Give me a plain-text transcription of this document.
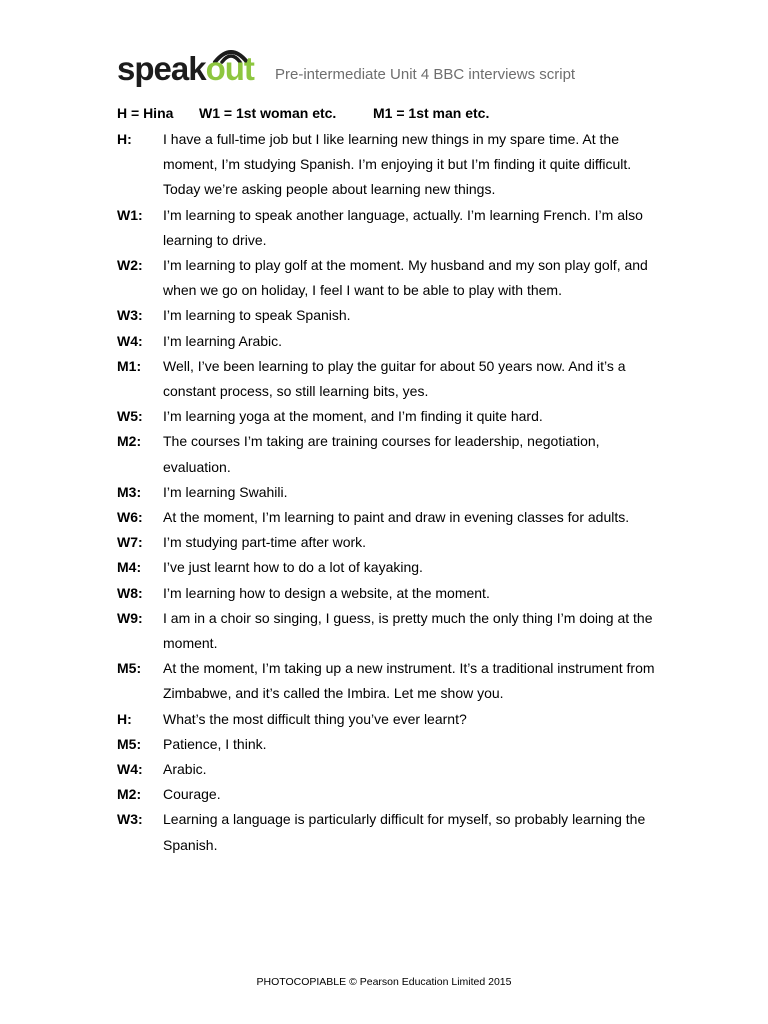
speakout Pre-intermediate Unit 4 BBC interviews script
H = Hina W1 = 1st woman etc.	M1 = 1st man etc.
H:	I have a full-time job but I like learning new things in my spare time. At the moment, I’m studying Spanish. I’m enjoying it but I’m finding it quite difficult. Today we’re asking people about learning new things.
W1:	I’m learning to speak another language, actually. I’m learning French. I’m also learning to drive.
W2:	I’m learning to play golf at the moment. My husband and my son play golf, and when we go on holiday, I feel I want to be able to play with them.
W3:	I’m learning to speak Spanish.
W4:	I’m learning Arabic.
M1:	Well, I’ve been learning to play the guitar for about 50 years now. And it’s a constant process, so still learning bits, yes.
W5:	I’m learning yoga at the moment, and I’m finding it quite hard.
M2:	The courses I’m taking are training courses for leadership, negotiation, evaluation.
M3:	I’m learning Swahili.
W6:	At the moment, I’m learning to paint and draw in evening classes for adults.
W7:	I’m studying part-time after work.
M4:	I’ve just learnt how to do a lot of kayaking.
W8:	I’m learning how to design a website, at the moment.
W9:	I am in a choir so singing, I guess, is pretty much the only thing I’m doing at the moment.
M5:	At the moment, I’m taking up a new instrument. It’s a traditional instrument from Zimbabwe, and it’s called the Imbira. Let me show you.
H:	What’s the most difficult thing you’ve ever learnt?
M5:	Patience, I think.
W4:	Arabic.
M2:	Courage.
W3:	Learning a language is particularly difficult for myself, so probably learning the Spanish.
PHOTOCOPIABLE © Pearson Education Limited 2015
